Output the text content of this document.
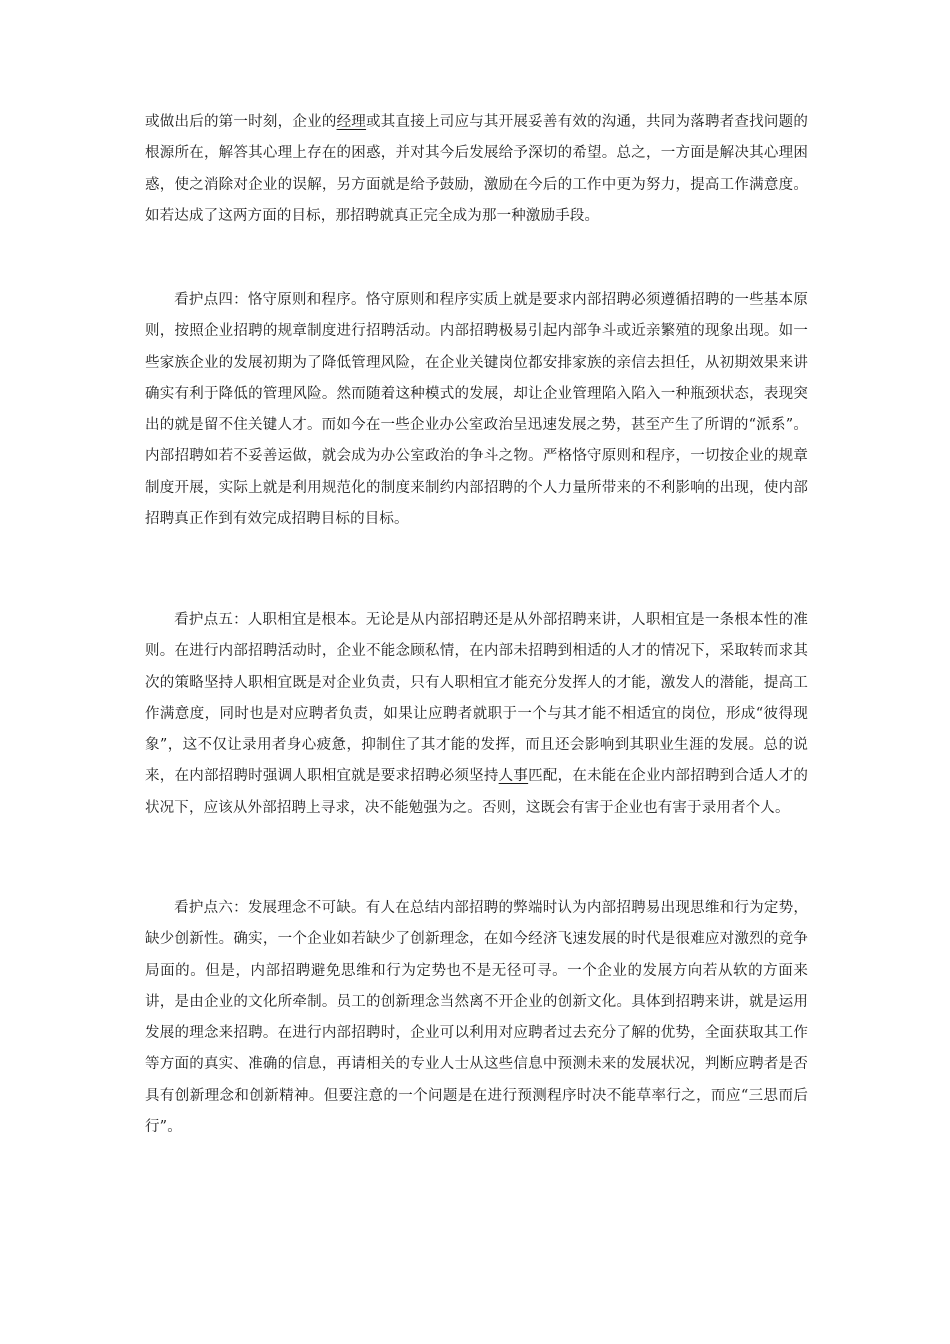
或做出后的第一时刻，企业的经理或其直接上司应与其开展妥善有效的沟通，共同为落聘者查找问题的根源所在，解答其心理上存在的困惑，并对其今后发展给予深切的希望。总之，一方面是解决其心理困惑，使之消除对企业的误解，另方面就是给予鼓励，激励在今后的工作中更为努力，提高工作满意度。如若达成了这两方面的目标，那招聘就真正完全成为那一种激励手段。

看护点四：恪守原则和程序。恪守原则和程序实质上就是要求内部招聘必须遵循招聘的一些基本原则，按照企业招聘的规章制度进行招聘活动。内部招聘极易引起内部争斗或近亲繁殖的现象出现。如一些家族企业的发展初期为了降低管理风险，在企业关键岗位都安排家族的亲信去担任，从初期效果来讲确实有利于降低的管理风险。然而随着这种模式的发展，却让企业管理陷入陷入一种瓶颈状态，表现突出的就是留不住关键人才。而如今在一些企业办公室政治呈迅速发展之势，甚至产生了所谓的“派系”。内部招聘如若不妥善运做，就会成为办公室政治的争斗之物。严格恪守原则和程序，一切按企业的规章制度开展，实际上就是利用规范化的制度来制约内部招聘的个人力量所带来的不利影响的出现，使内部招聘真正作到有效完成招聘目标的目标。

看护点五：人职相宜是根本。无论是从内部招聘还是从外部招聘来讲，人职相宜是一条根本性的准则。在进行内部招聘活动时，企业不能念顾私情，在内部未招聘到相适的人才的情况下，采取转而求其次的策略坚持人职相宜既是对企业负责，只有人职相宜才能充分发挥人的才能，激发人的潜能，提高工作满意度，同时也是对应聘者负责，如果让应聘者就职于一个与其才能不相适宜的岗位，形成“彼得现象”，这不仅让录用者身心疲惫，抑制住了其才能的发挥，而且还会影响到其职业生涯的发展。总的说来，在内部招聘时强调人职相宜就是要求招聘必须坚持人事匹配，在未能在企业内部招聘到合适人才的状况下，应该从外部招聘上寻求，决不能勉强为之。否则，这既会有害于企业也有害于录用者个人。

看护点六：发展理念不可缺。有人在总结内部招聘的弊端时认为内部招聘易出现思维和行为定势，缺少创新性。确实，一个企业如若缺少了创新理念，在如今经济飞速发展的时代是很难应对激烈的竞争局面的。但是，内部招聘避免思维和行为定势也不是无径可寻。一个企业的发展方向若从软的方面来讲，是由企业的文化所牵制。员工的创新理念当然离不开企业的创新文化。具体到招聘来讲，就是运用发展的理念来招聘。在进行内部招聘时，企业可以利用对应聘者过去充分了解的优势，全面获取其工作等方面的真实、准确的信息，再请相关的专业人士从这些信息中预测未来的发展状况，判断应聘者是否具有创新理念和创新精神。但要注意的一个问题是在进行预测程序时决不能草率行之，而应“三思而后行”。
